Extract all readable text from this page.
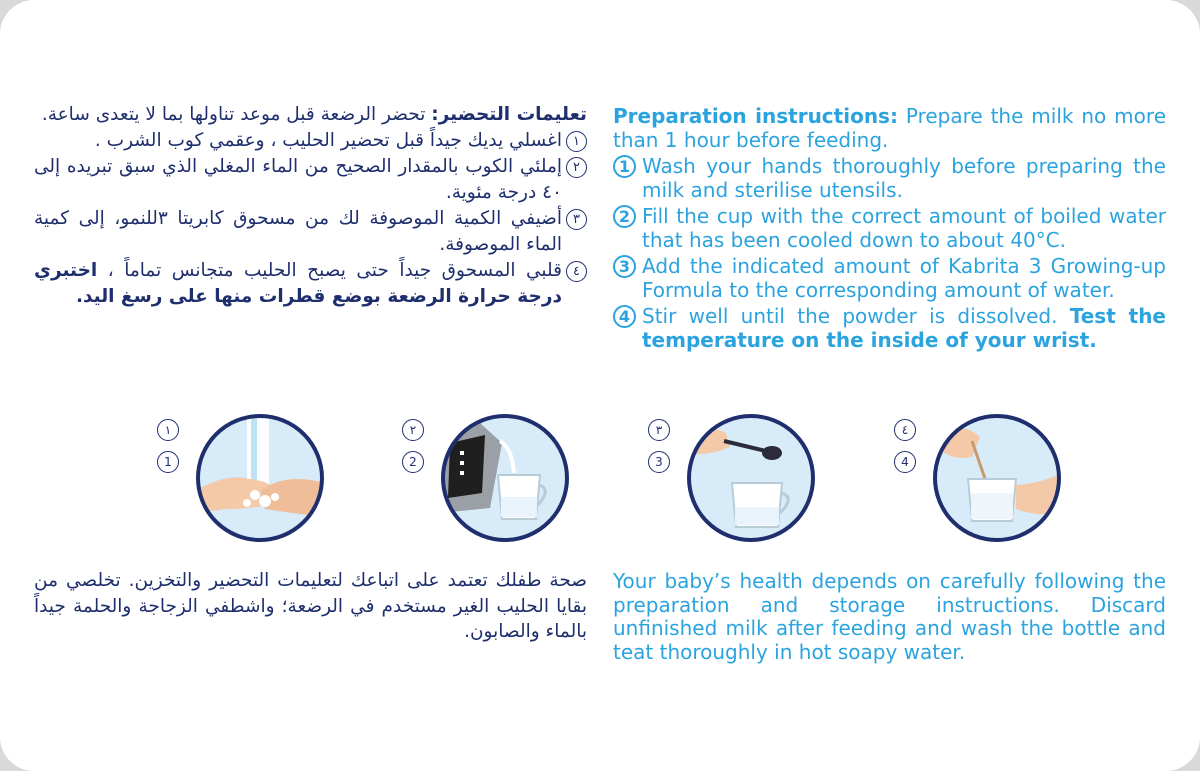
تعليمات التحضير: تحضر الرضعة قبل موعد تناولها بما لا يتعدى ساعة.
١
اغسلي يديك جيداً قبل تحضير الحليب ، وعقمي كوب الشرب .
٢
إملئي الكوب بالمقدار الصحيح من الماء المغلي الذي سبق تبريده إلى ٤٠ درجة مئوية.
٣
أضيفي الكمية الموصوفة لك من مسحوق كابريتا ٣للنمو، إلى كمية الماء الموصوفة.
٤
قلبي المسحوق جيداً حتى يصبح الحليب متجانس تماماً ، اختبري درجة حرارة الرضعة بوضع قطرات منها على رسغ اليد.
Preparation instructions: Prepare the milk no more than 1 hour before feeding.
1 Wash your hands thoroughly before preparing the milk and sterilise utensils.
2 Fill the cup with the correct amount of boiled water that has been cooled down to about 40°C.
3 Add the indicated amount of Kabrita 3 Growing-up Formula to the corresponding amount of water.
4 Stir well until the powder is dissolved. Test the temperature on the inside of your wrist.
١
1
٢
2
٣
3
٤
4
صحة طفلك تعتمد على اتباعك لتعليمات التحضير والتخزين. تخلصي من بقايا الحليب الغير مستخدم في الرضعة؛ واشطفي الزجاجة والحلمة جيداً بالماء والصابون.
Your baby’s health depends on carefully following the preparation and storage instructions. Discard unfinished milk after feeding and wash the bottle and teat thoroughly in hot soapy water.
